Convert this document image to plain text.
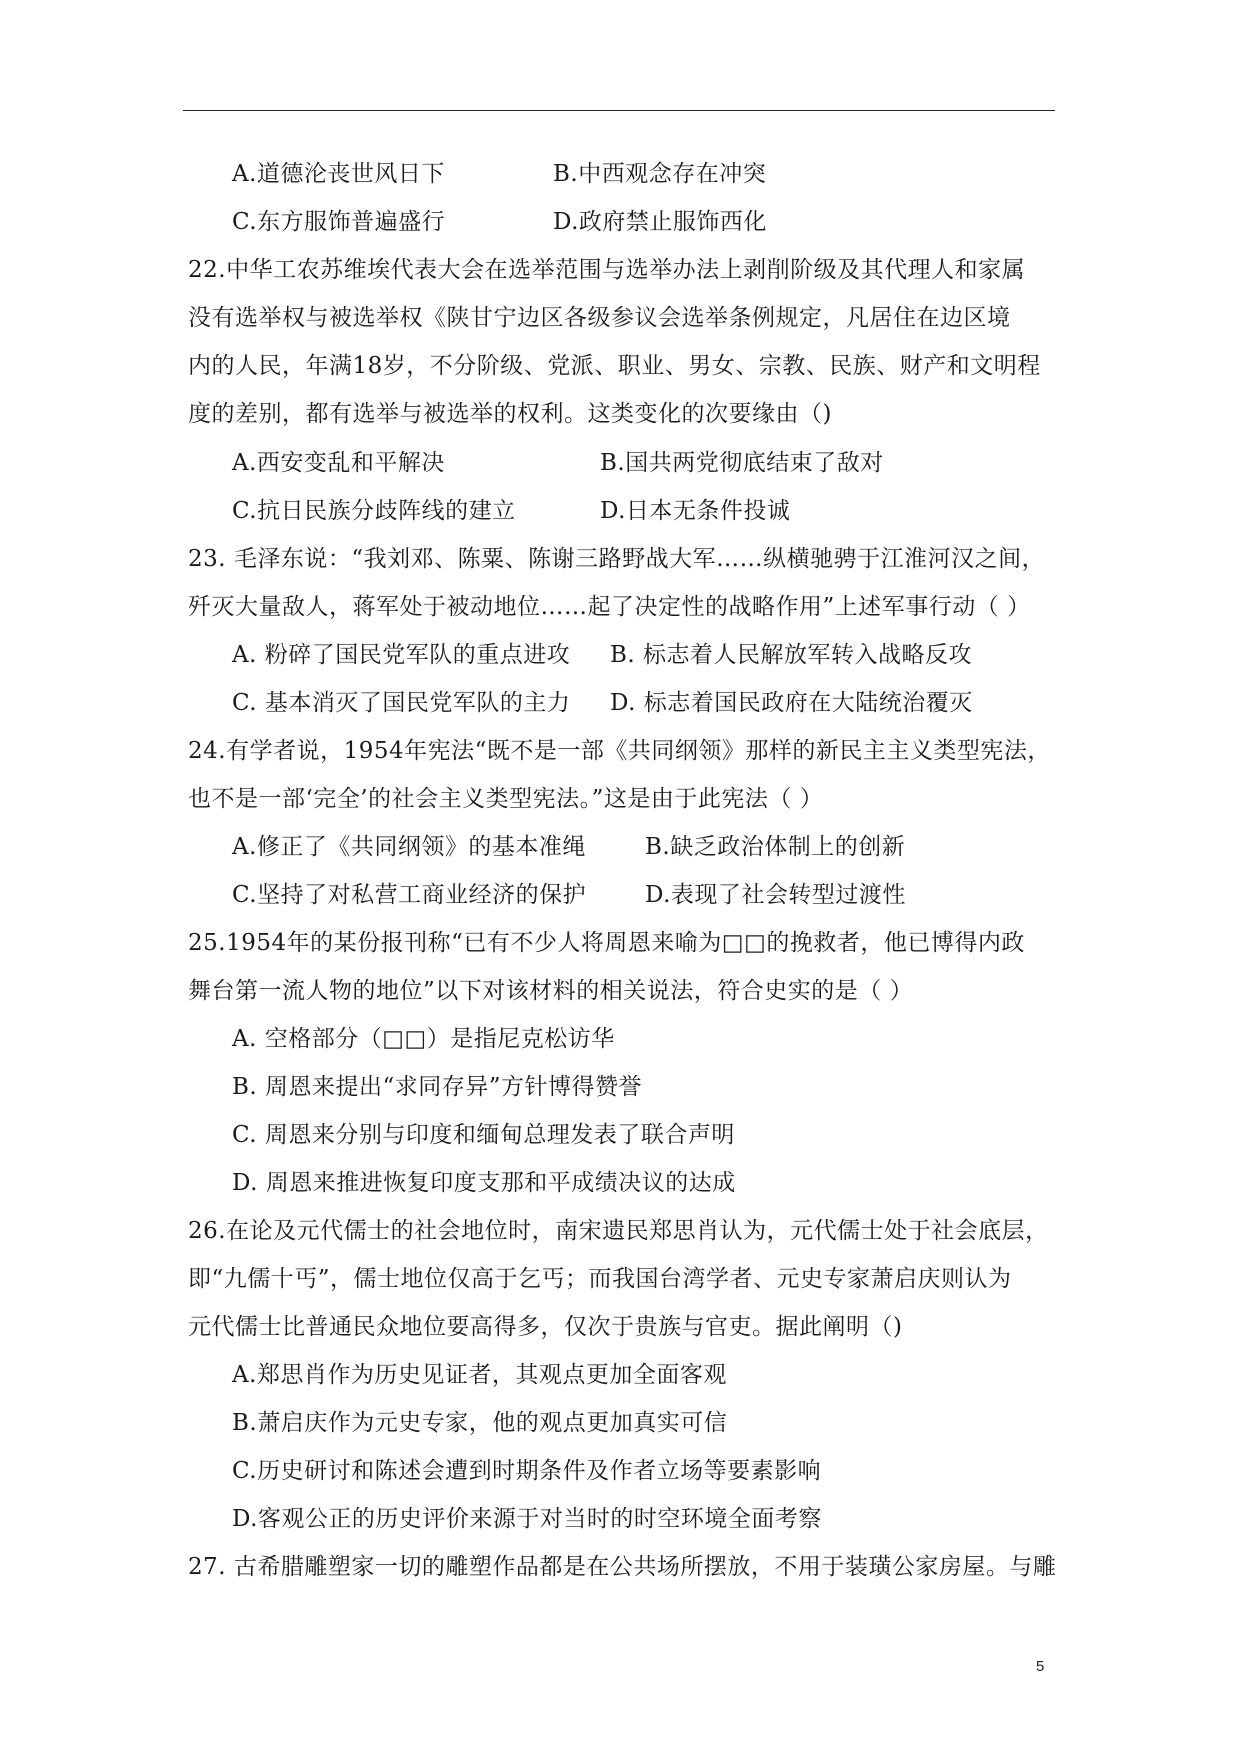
A.道德沦丧世风日下	B.中西观念存在冲突
C.东方服饰普遍盛行	D.政府禁止服饰西化
22.中华工农苏维埃代表大会在选举范围与选举办法上剥削阶级及其代理人和家属
没有选举权与被选举权《陕甘宁边区各级参议会选举条例规定，凡居住在边区境
内的人民，年满18岁，不分阶级、党派、职业、男女、宗教、民族、财产和文明程
度的差别，都有选举与被选举的权利。这类变化的次要缘由（)
A.西安变乱和平解决	B.国共两党彻底结束了敌对
C.抗日民族分歧阵线的建立	D.日本无条件投诚
23. 毛泽东说：“我刘邓、陈粟、陈谢三路野战大军……纵横驰骋于江淮河汉之间，
歼灭大量敌人，蒋军处于被动地位……起了决定性的战略作用”上述军事行动（ ）
A. 粉碎了国民党军队的重点进攻 B. 标志着人民解放军转入战略反攻
C. 基本消灭了国民党军队的主力 D. 标志着国民政府在大陆统治覆灭
24.有学者说，1954年宪法“既不是一部《共同纲领》那样的新民主主义类型宪法，
也不是一部‘完全’的社会主义类型宪法。”这是由于此宪法（ ）
A.修正了《共同纲领》的基本准绳	B.缺乏政治体制上的创新
C.坚持了对私营工商业经济的保护	D.表现了社会转型过渡性
25.1954年的某份报刊称“已有不少人将周恩来喻为□□的挽救者，他已博得内政
舞台第一流人物的地位”以下对该材料的相关说法，符合史实的是（ ）
A. 空格部分（□□）是指尼克松访华
B. 周恩来提出“求同存异”方针博得赞誉
C. 周恩来分别与印度和缅甸总理发表了联合声明
D. 周恩来推进恢复印度支那和平成绩决议的达成
26.在论及元代儒士的社会地位时，南宋遗民郑思肖认为，元代儒士处于社会底层，
即“九儒十丐”，儒士地位仅高于乞丐；而我国台湾学者、元史专家萧启庆则认为
元代儒士比普通民众地位要高得多，仅次于贵族与官吏。据此阐明（)
A.郑思肖作为历史见证者，其观点更加全面客观
B.萧启庆作为元史专家，他的观点更加真实可信
C.历史研讨和陈述会遭到时期条件及作者立场等要素影响
D.客观公正的历史评价来源于对当时的时空环境全面考察
27. 古希腊雕塑家一切的雕塑作品都是在公共场所摆放，不用于装璜公家房屋。与雕
5
